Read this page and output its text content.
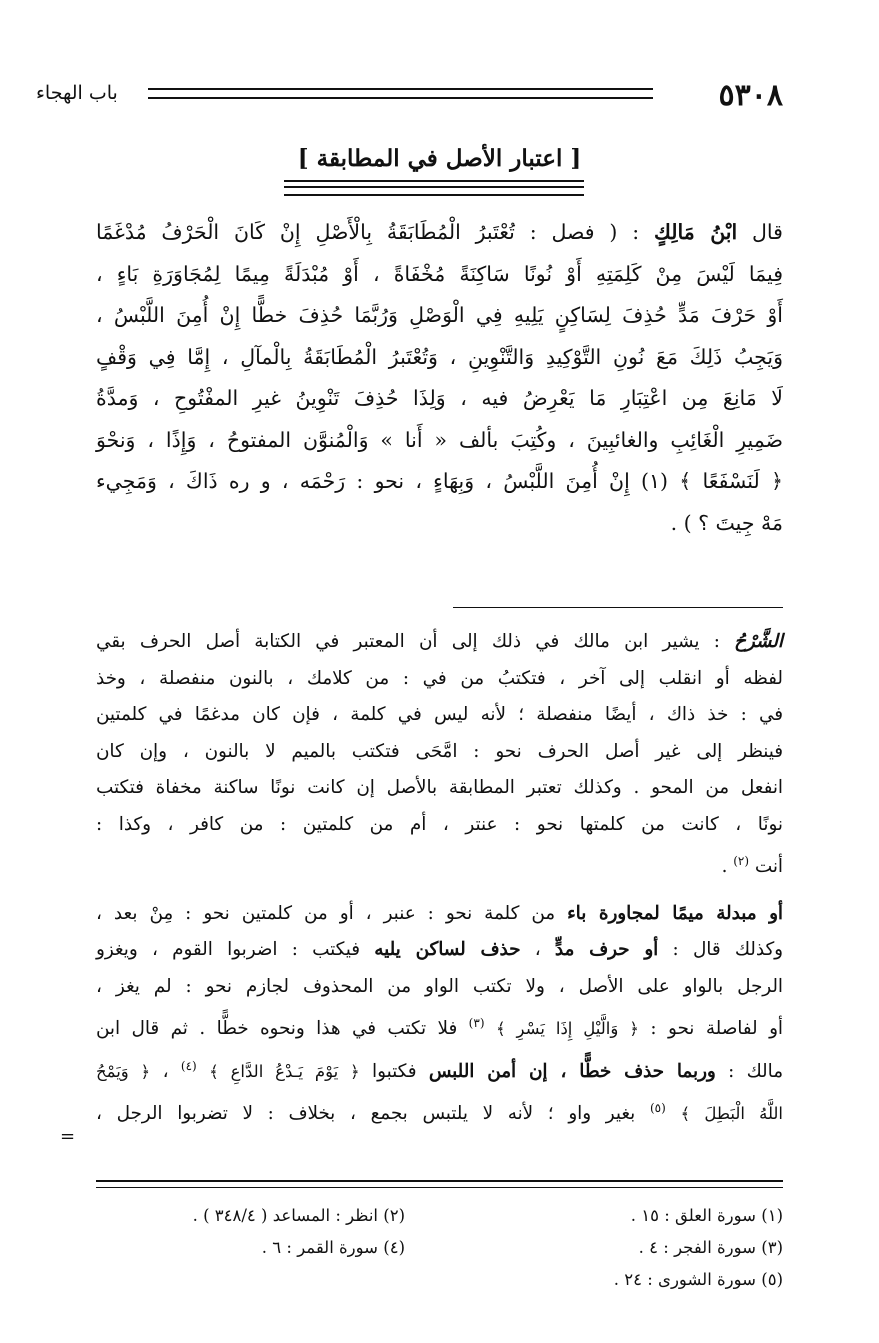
٥٣٠٨
باب الهجاء
[ اعتبار الأصل في المطابقة ]
قال ابْنُ مَالِكٍ : ( فصل : تُعْتَبرُ الْمُطَابَقَةُ بِالْأَصْلِ إِنْ كَانَ الْحَرْفُ مُدْغَمًا
فِيمَا لَيْسَ مِنْ كَلِمَتِهِ أَوْ نُونًا سَاكِنَةً مُخْفَاةً ، أَوْ مُبْدَلَةً مِيمًا لِمُجَاوَرَةِ بَاءٍ ،
أَوْ حَرْفَ مَدٍّ حُذِفَ لِسَاكِنٍ يَلِيهِ فِي الْوَصْلِ وَرُبَّمَا حُذِفَ خطًّا إِنْ أُمِنَ اللَّبْسُ ،
وَيَجِبُ ذَلِكَ مَعَ نُونِ التَّوْكِيدِ وَالتَّنْوِينِ ، وَتُعْتَبرُ الْمُطَابَقَةُ بِالْمآلِ ، إِمَّا فِي وَقْفٍ
لَا مَانِعَ مِن اعْتِبَارِ مَا يَعْرِضُ فيه ، وَلِذَا حُذِفَ تَنْوِينُ غيرِ المفْتُوحِ ، وَمدَّةُ
ضَمِيرِ الْغَائِبِ والغائبِينَ ، وكُتِبَ بألف « أَنا » وَالْمُنوَّن المفتوحُ ، وَإِذًا ، وَنحْوَ
﴿ لَنَسْفَعًا ﴾ (١) إِنْ أُمِنَ اللَّبْسُ ، وَبِهَاءٍ ، نحو : رَحْمَه ، و ره ذَاكَ ، وَمَجِيء
مَهْ جِيتَ ؟ ) .
الشَّرْحُ : يشير ابن مالك في ذلك إلى أن المعتبر في الكتابة أصل الحرف بقي
لفظه أو انقلب إلى آخر ، فتكتبُ من في : من كلامك ، بالنون منفصلة ، وخذ
في : خذ ذاك ، أيضًا منفصلة ؛ لأنه ليس في كلمة ، فإن كان مدغمًا في كلمتين
فينظر إلى غير أصل الحرف نحو : امَّحَى فتكتب بالميم لا بالنون ، وإن كان
انفعل من المحو . وكذلك تعتبر المطابقة بالأصل إن كانت نونًا ساكنة مخفاة فتكتب
نونًا ، كانت من كلمتها نحو : عنتر ، أم من كلمتين : من كافر ، وكذا :
أنت $^{(٢)}$ .
أو مبدلة ميمًا لمجاورة باء من كلمة نحو : عنبر ، أو من كلمتين نحو : مِنْ بعد ،
وكذلك قال : أو حرف مدٍّ ، حذف لساكن يليه فيكتب : اضربوا القوم ، ويغزو
الرجل بالواو على الأصل ، ولا تكتب الواو من المحذوف لجازم نحو : لم يغز ،
أو لفاصلة نحو : ﴿ وَالَّيْلِ إِذَا يَسْرِ ﴾ $^{(٣)}$ فلا تكتب في هذا ونحوه خطًّا . ثم قال ابن
مالك : وربما حذف خطًّا ، إن أمن اللبس فكتبوا ﴿ يَوْمَ يَـدْعُ الدَّاعِ ﴾ $^{(٤)}$ ، ﴿ وَيَمْحُ
اللَّهُ الْبَطِلَ ﴾ $^{(٥)}$ بغير واو ؛ لأنه لا يلتبس بجمع ، بخلاف : لا تضربوا الرجل ،
=
(١) سورة العلق : ١٥ .
(٢) انظر : المساعد ( ٣٤٨/٤ ) .
(٣) سورة الفجر : ٤ .
(٤) سورة القمر : ٦ .
(٥) سورة الشورى : ٢٤ .
